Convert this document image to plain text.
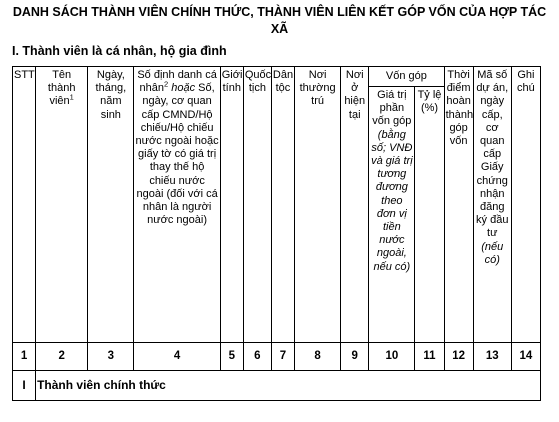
DANH SÁCH THÀNH VIÊN CHÍNH THỨC, THÀNH VIÊN LIÊN KẾT GÓP VỐN CỦA HỢP TÁC XÃ
I. Thành viên là cá nhân, hộ gia đình
STT	Tên thành viên$^1$	Ngày, tháng, năm sinh	Số định danh cá nhân$^2$ hoặc Số, ngày, cơ quan cấp CMND/Hộ chiếu/Hộ chiếu nước ngoài hoặc giấy tờ có giá trị thay thế hộ chiếu nước ngoài (đối với cá nhân là người nước ngoài)	Giới tính	Quốc tịch	Dân tộc	Nơi thường trú	Nơi ở hiện tại	Vốn góp		Thời điểm hoàn thành góp vốn	Mã số dự án, ngày cấp, cơ quan cấp Giấy chứng nhận đăng ký đầu tư (nếu có)	Ghi chú
									Giá trị phần vốn góp (bằng số; VNĐ và giá trị tương đương theo đơn vị tiền nước ngoài, nếu có)	Tỷ lệ (%)			
1	2	3	4	5	6	7	8	9	10	11	12	13	14
I	Thành viên chính thức												
